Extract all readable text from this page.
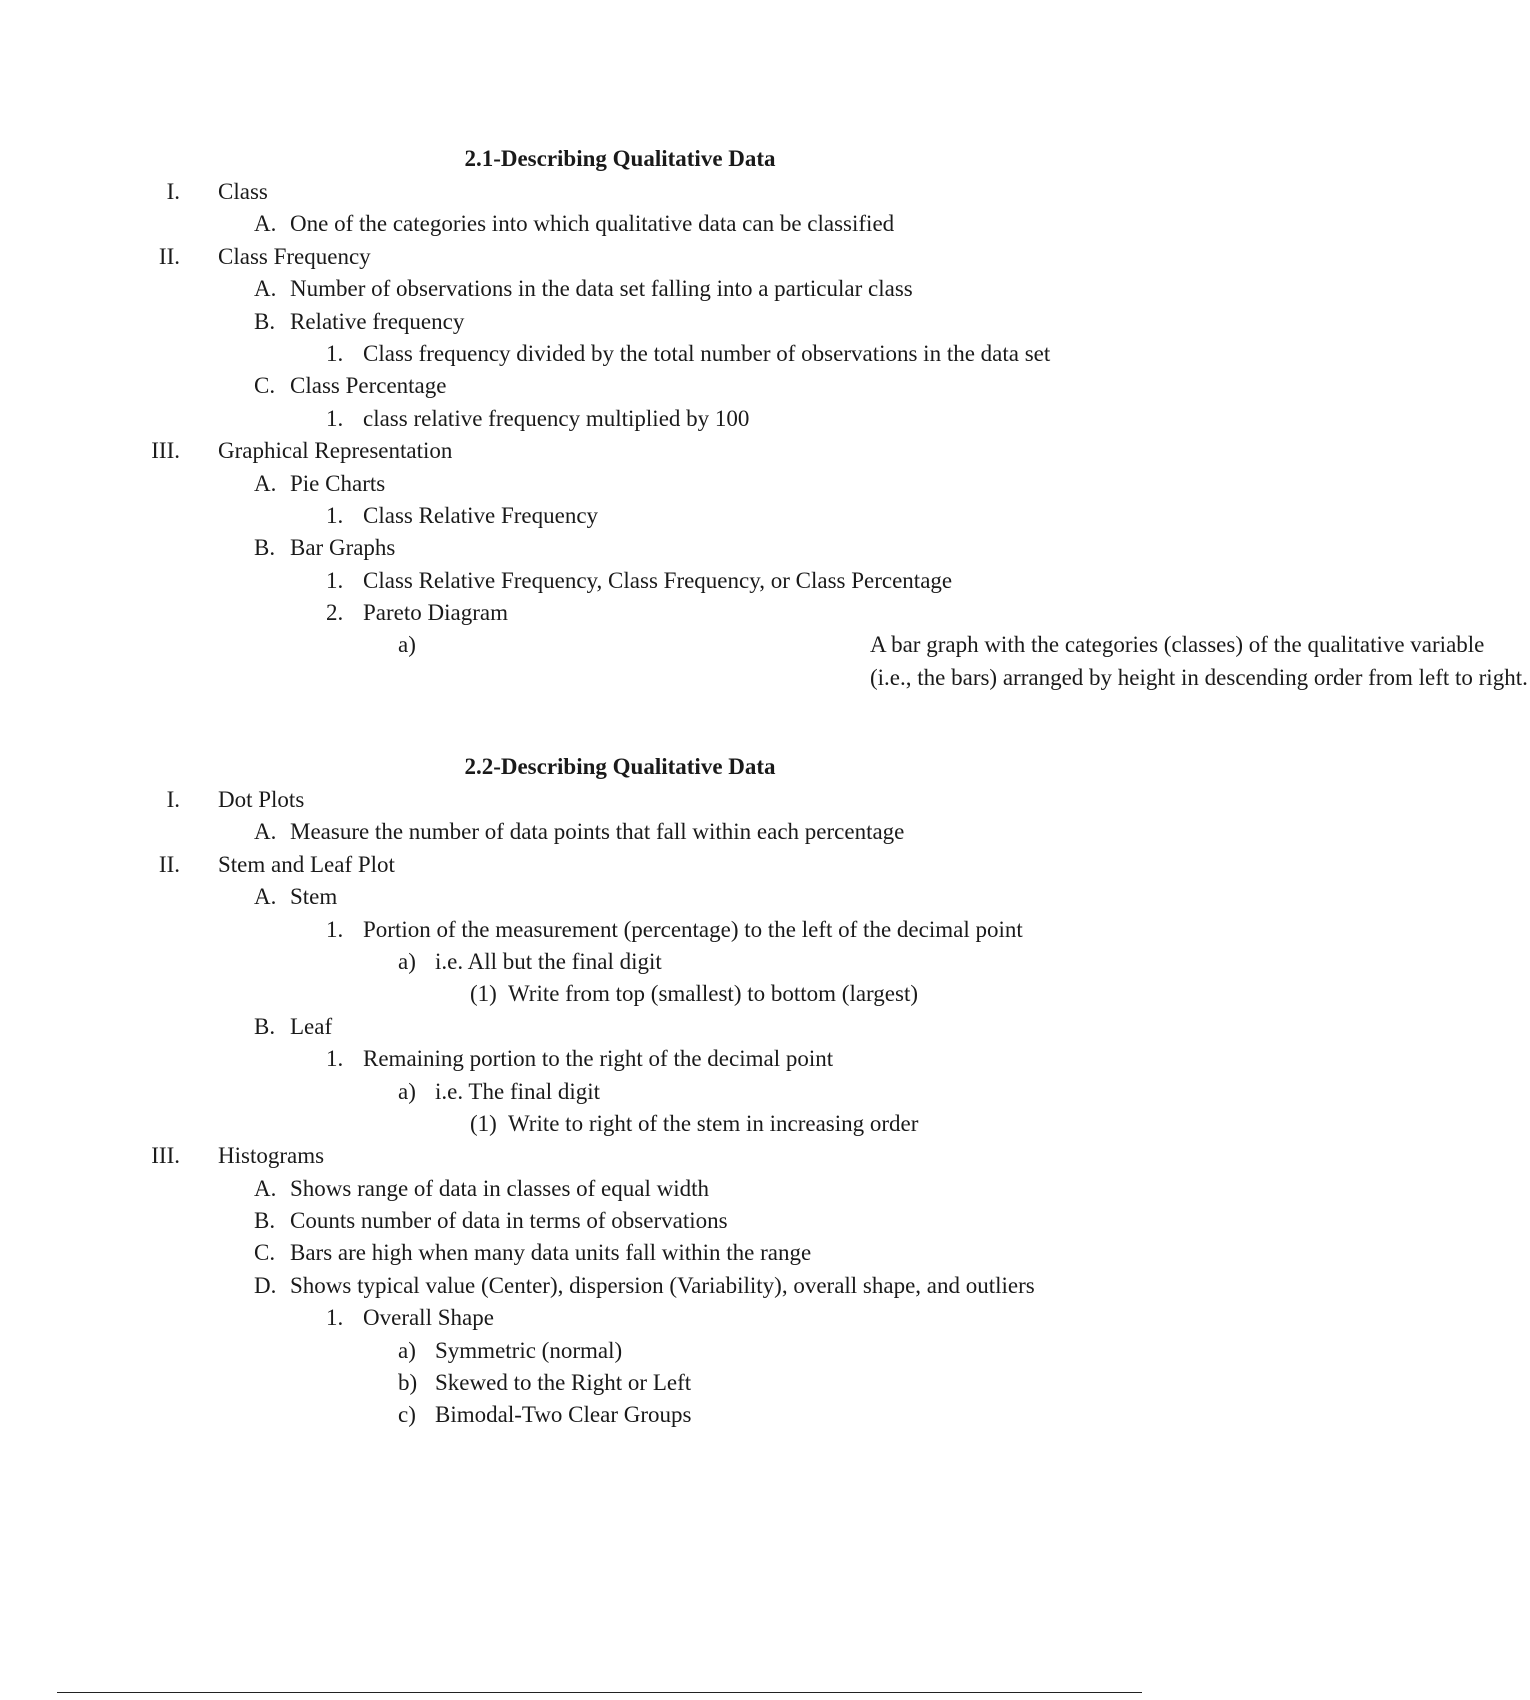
2.1-Describing Qualitative Data
I. Class
A. One of the categories into which qualitative data can be classified
II. Class Frequency
A. Number of observations in the data set falling into a particular class
B. Relative frequency
1. Class frequency divided by the total number of observations in the data set
C. Class Percentage
1. class relative frequency multiplied by 100
III. Graphical Representation
A. Pie Charts
1. Class Relative Frequency
B. Bar Graphs
1. Class Relative Frequency, Class Frequency, or Class Percentage
2. Pareto Diagram
a)	A bar graph with the categories (classes) of the qualitative variable (i.e., the bars) arranged by height in descending order from left to right.
2.2-Describing Qualitative Data
I. Dot Plots
A. Measure the number of data points that fall within each percentage
II. Stem and Leaf Plot
A. Stem
1. Portion of the measurement (percentage) to the left of the decimal point
a) i.e. All but the final digit
(1) Write from top (smallest) to bottom (largest)
B. Leaf
1. Remaining portion to the right of the decimal point
a) i.e. The final digit
(1) Write to right of the stem in increasing order
III. Histograms
A. Shows range of data in classes of equal width
B. Counts number of data in terms of observations
C. Bars are high when many data units fall within the range
D. Shows typical value (Center), dispersion (Variability), overall shape, and outliers
1. Overall Shape
a) Symmetric (normal)
b) Skewed to the Right or Left
c) Bimodal-Two Clear Groups
